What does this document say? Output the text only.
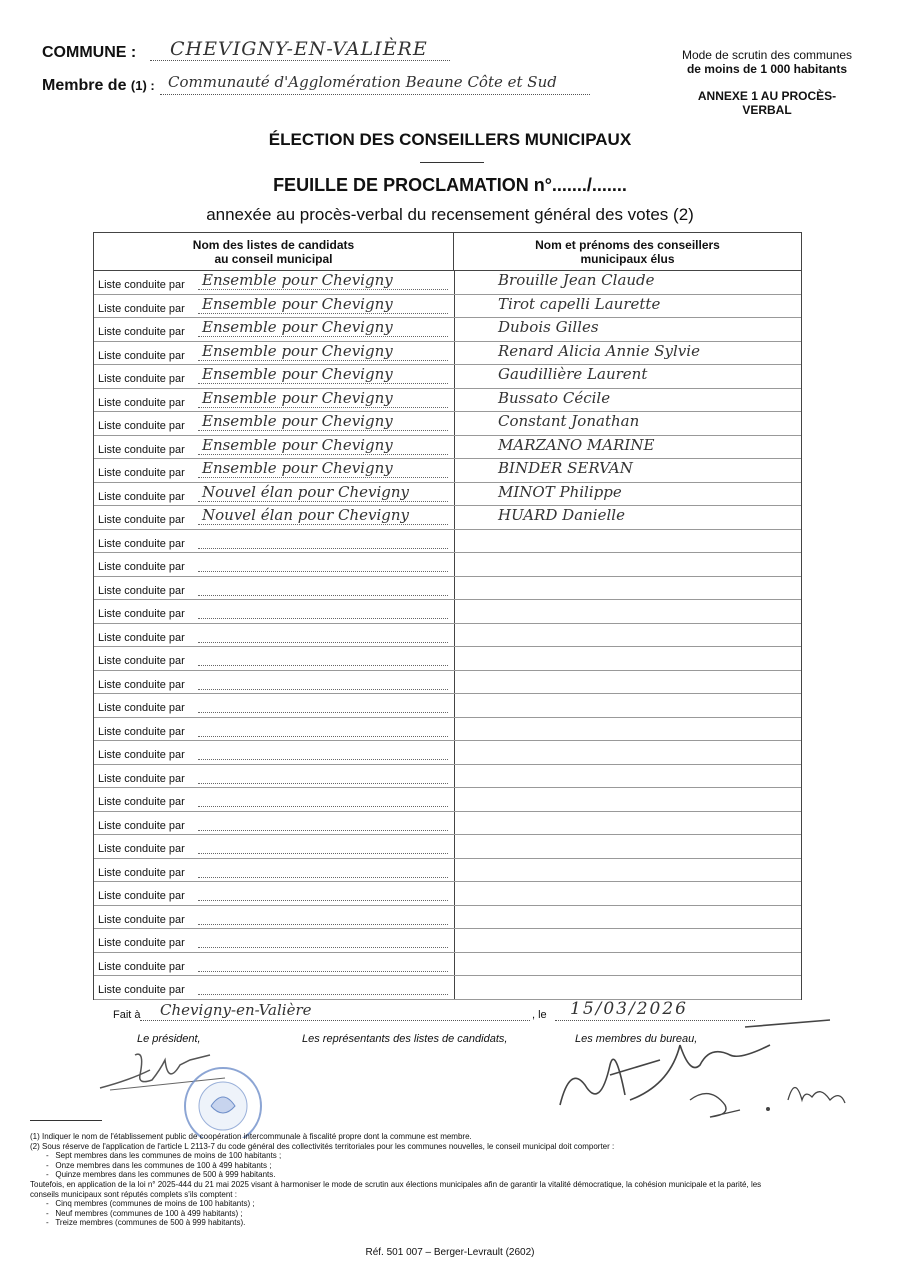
COMMUNE : CHEVIGNY-EN-VALIÈRE
Membre de (1) : Communauté d'Agglomération Beaune Côte et Sud
Mode de scrutin des communes
de moins de 1 000 habitants
ANNEXE 1 AU PROCÈS-
VERBAL
ÉLECTION DES CONSEILLERS MUNICIPAUX
FEUILLE DE PROCLAMATION n°......./.......
annexée au procès-verbal du recensement général des votes (2)
Nom des listes de candidats
au conseil municipal
Nom et prénoms des conseillers
municipaux élus
Liste conduite par Ensemble pour Chevigny	Brouille Jean Claude
Liste conduite par Ensemble pour Chevigny	Tirot capelli Laurette
Liste conduite par Ensemble pour Chevigny	Dubois Gilles
Liste conduite par Ensemble pour Chevigny	Renard Alicia Annie Sylvie
Liste conduite par Ensemble pour Chevigny	Gaudillière Laurent
Liste conduite par Ensemble pour Chevigny	Bussato Cécile
Liste conduite par Ensemble pour Chevigny	Constant Jonathan
Liste conduite par Ensemble pour Chevigny	MARZANO MARINE
Liste conduite par Ensemble pour Chevigny	BINDER SERVAN
Liste conduite par Nouvel élan pour Chevigny	MINOT Philippe
Liste conduite par Nouvel élan pour Chevigny	HUARD Danielle
Liste conduite par
Liste conduite par
Liste conduite par
Liste conduite par
Liste conduite par
Liste conduite par
Liste conduite par
Liste conduite par
Liste conduite par
Liste conduite par
Liste conduite par
Liste conduite par
Liste conduite par
Liste conduite par
Liste conduite par
Liste conduite par
Liste conduite par
Liste conduite par
Liste conduite par
Liste conduite par
Fait à Chevigny-en-Valière	, le 15/03/2026
Le président,	Les représentants des listes de candidats,	Les membres du bureau,
(1) Indiquer le nom de l'établissement public de coopération intercommunale à fiscalité propre dont la commune est membre.
(2) Sous réserve de l'application de l'article L 2113-7 du code général des collectivités territoriales pour les communes nouvelles, le conseil municipal doit comporter :
-   Sept membres dans les communes de moins de 100 habitants ;
-   Onze membres dans les communes de 100 à 499 habitants ;
-   Quinze membres dans les communes de 500 à 999 habitants.
Toutefois, en application de la loi n° 2025-444 du 21 mai 2025 visant à harmoniser le mode de scrutin aux élections municipales afin de garantir la vitalité démocratique, la cohésion municipale et la parité, les
conseils municipaux sont réputés complets s'ils comptent :
-   Cinq membres (communes de moins de 100 habitants) ;
-   Neuf membres (communes de 100 à 499 habitants) ;
-   Treize membres (communes de 500 à 999 habitants).
Réf. 501 007 – Berger-Levrault (2602)
